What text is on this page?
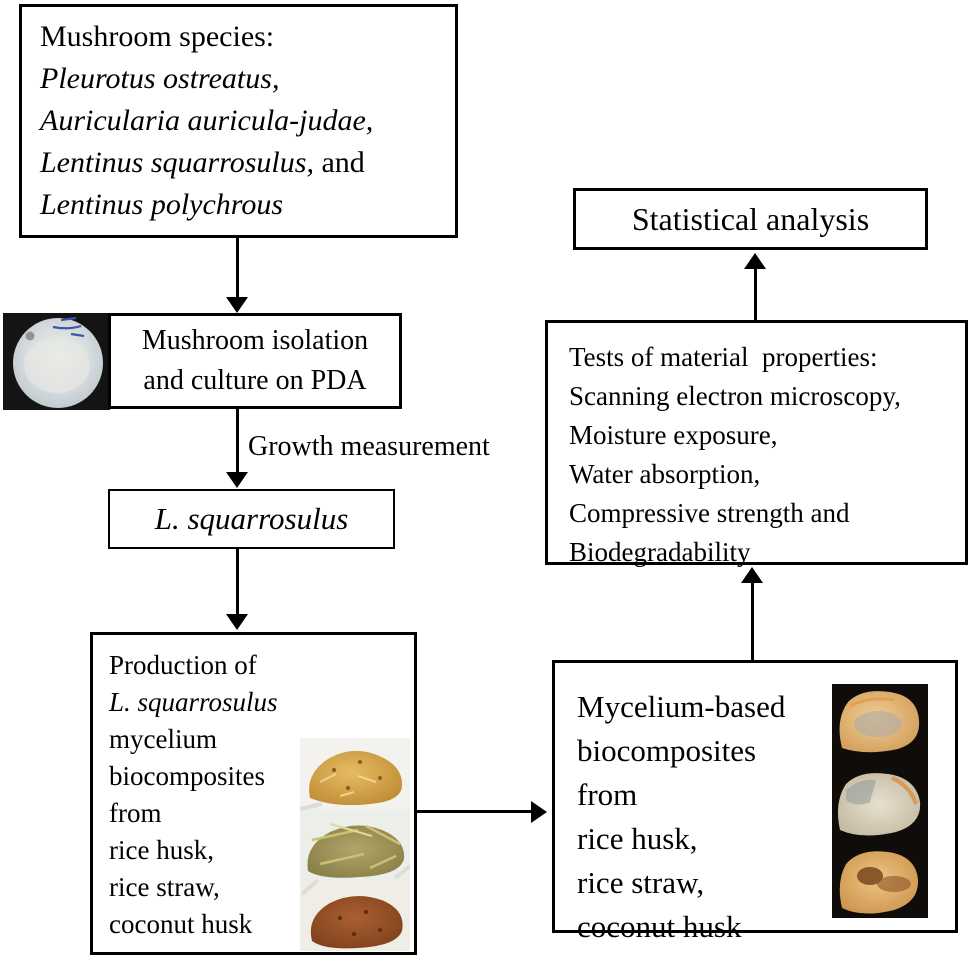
Mushroom species:
Pleurotus ostreatus,
Auricularia auricula-judae,
Lentinus squarrosulus, and
Lentinus polychrous
Mushroom isolation
and culture on PDA
Growth measurement
L. squarrosulus
Production of
L. squarrosulus
mycelium
biocomposites
from
rice husk,
rice straw,
coconut husk
Mycelium-based
biocomposites
from
rice husk,
rice straw,
coconut husk
Tests of material  properties:
Scanning electron microscopy,
Moisture exposure,
Water absorption,
Compressive strength and
Biodegradability
Statistical analysis
